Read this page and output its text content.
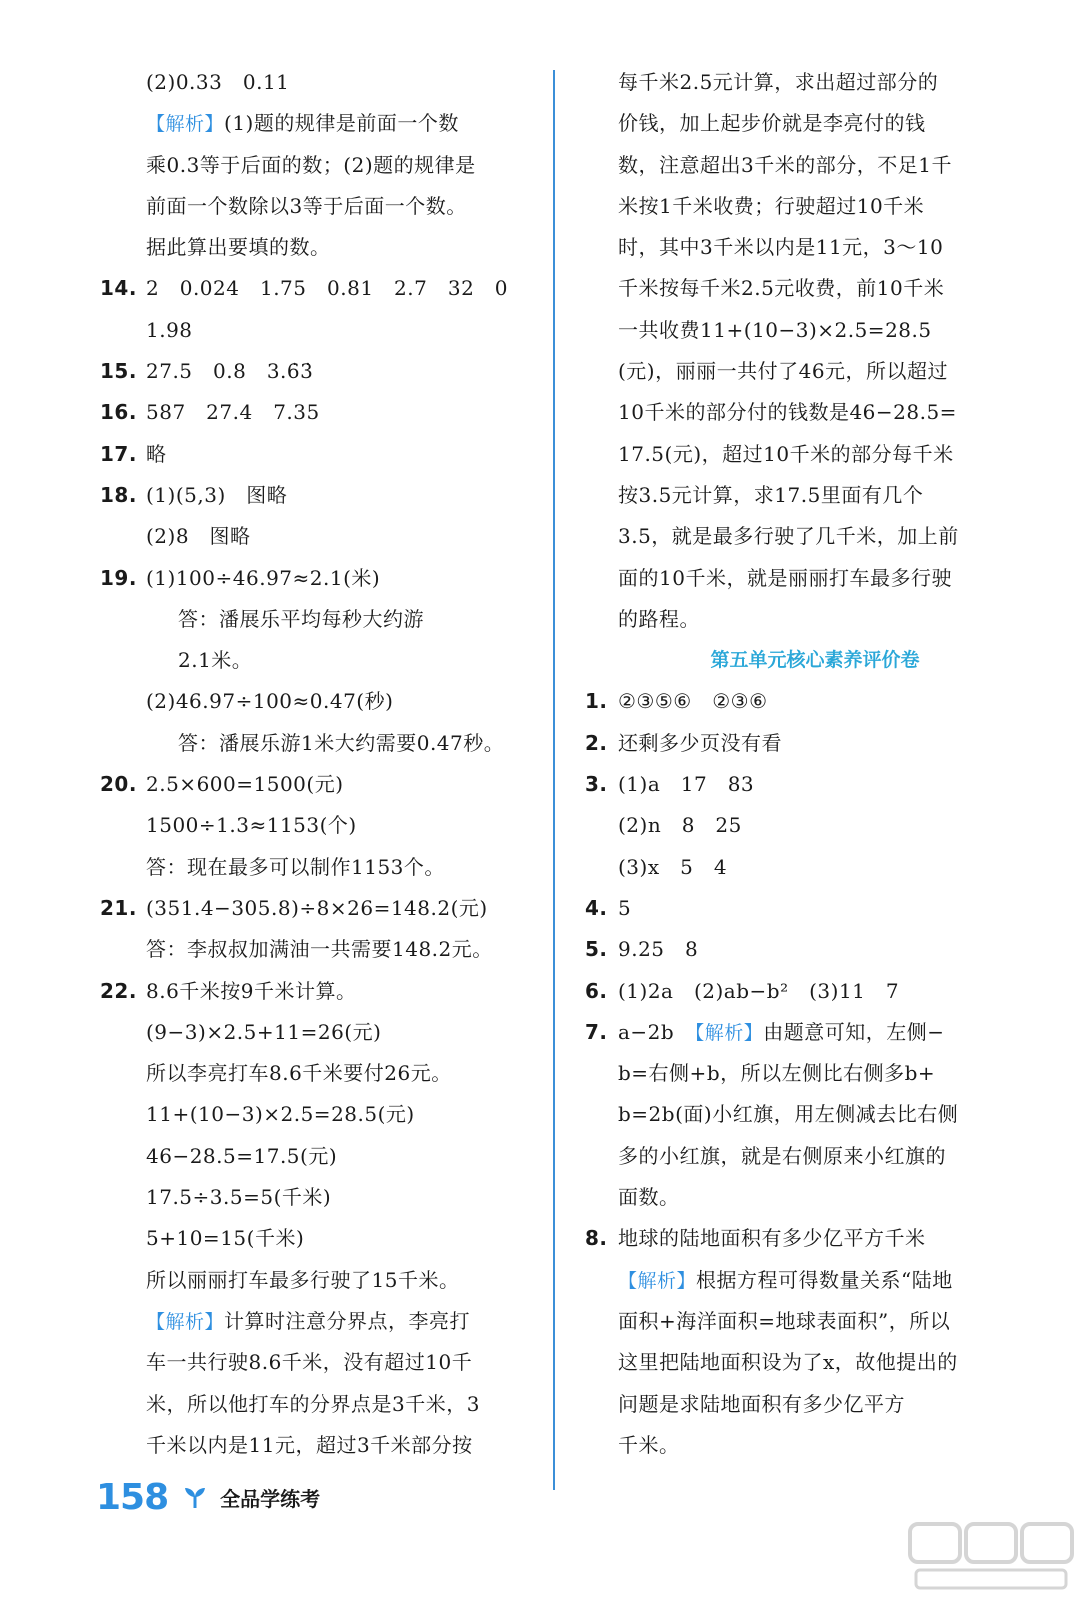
(2)0.33　0.11
【解析】(1)题的规律是前面一个数
乘0.3等于后面的数；(2)题的规律是
前面一个数除以3等于后面一个数。
据此算出要填的数。
14. 2　0.024　1.75　0.81　2.7　32　0
1.98
15. 27.5　0.8　3.6̇3̇
16. 587　27.4　7.35
17. 略
18. (1)(5,3)　图略
(2)8　图略
19. (1)100÷46.97≈2.1(米)
答：潘展乐平均每秒大约游
2.1米。
(2)46.97÷100≈0.47(秒)
答：潘展乐游1米大约需要0.47秒。
20. 2.5×600=1500(元)
1500÷1.3≈1153(个)
答：现在最多可以制作1153个。
21. (351.4−305.8)÷8×26=148.2(元)
答：李叔叔加满油一共需要148.2元。
22. 8.6千米按9千米计算。
(9−3)×2.5+11=26(元)
所以李亮打车8.6千米要付26元。
11+(10−3)×2.5=28.5(元)
46−28.5=17.5(元)
17.5÷3.5=5(千米)
5+10=15(千米)
所以丽丽打车最多行驶了15千米。
【解析】计算时注意分界点，李亮打
车一共行驶8.6千米，没有超过10千
米，所以他打车的分界点是3千米，3
千米以内是11元，超过3千米部分按
每千米2.5元计算，求出超过部分的
价钱，加上起步价就是李亮付的钱
数，注意超出3千米的部分，不足1千
米按1千米收费；行驶超过10千米
时，其中3千米以内是11元，3～10
千米按每千米2.5元收费，前10千米
一共收费11+(10−3)×2.5=28.5
(元)，丽丽一共付了46元，所以超过
10千米的部分付的钱数是46−28.5=
17.5(元)，超过10千米的部分每千米
按3.5元计算，求17.5里面有几个
3.5，就是最多行驶了几千米，加上前
面的10千米，就是丽丽打车最多行驶
的路程。
第五单元核心素养评价卷
1. ②③⑤⑥　②③⑥
2. 还剩多少页没有看
3. (1)a　17　83
(2)n　8　25
(3)x　5　4
4. 5
5. 9.25　8
6. (1)2a　(2)ab−b²　(3)11　7
7. a−2b　【解析】由题意可知，左侧−
b=右侧+b，所以左侧比右侧多b+
b=2b(面)小红旗，用左侧减去比右侧
多的小红旗，就是右侧原来小红旗的
面数。
8. 地球的陆地面积有多少亿平方千米
【解析】根据方程可得数量关系“陆地
面积+海洋面积=地球表面积”，所以
这里把陆地面积设为了x，故他提出的
问题是求陆地面积有多少亿平方
千米。
158	全品学练考
